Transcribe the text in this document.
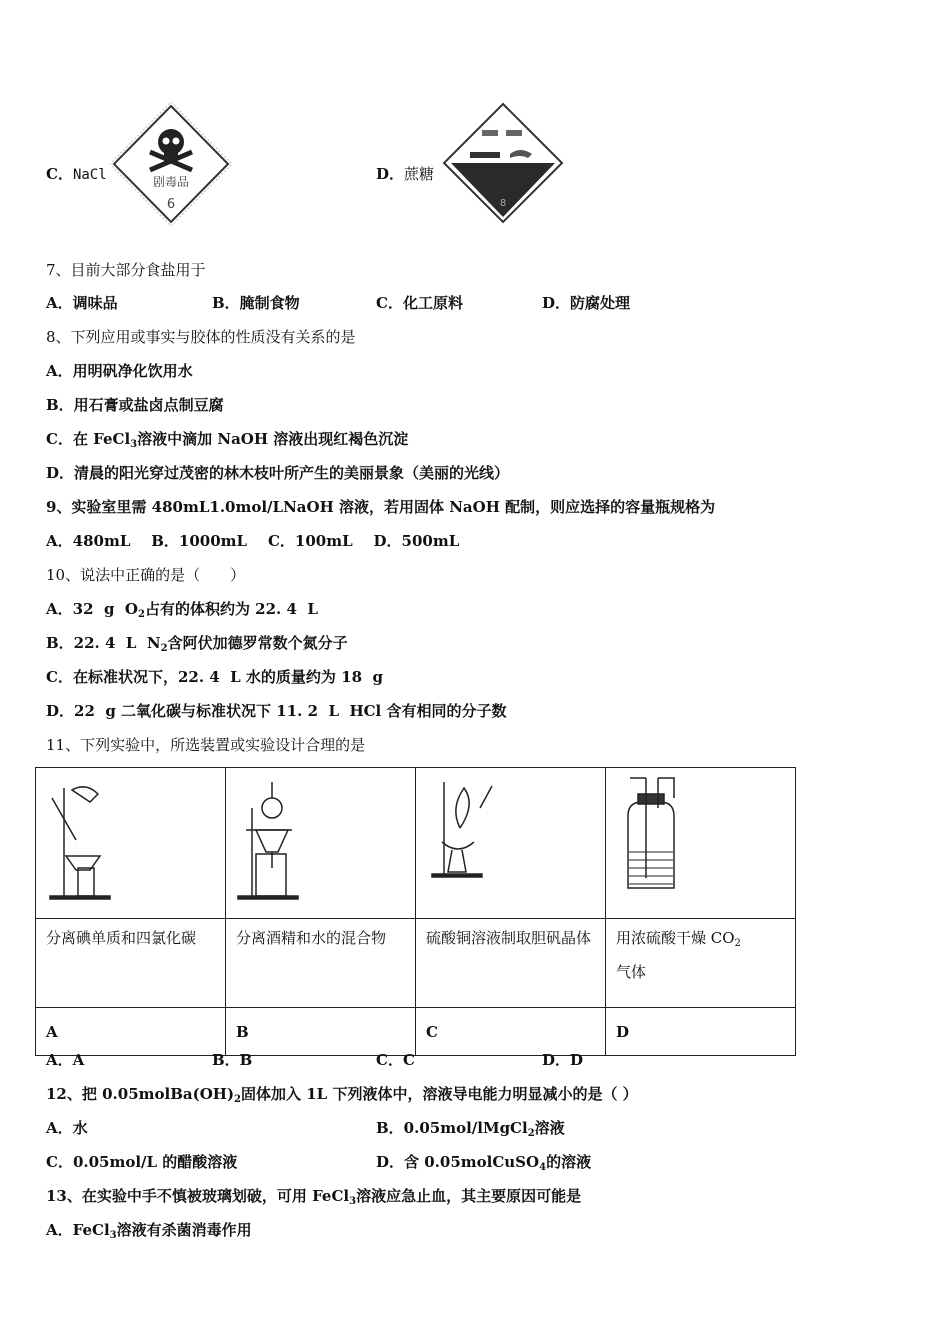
C．NaCl	剧毒品
6
D．蔗糖
8
7、目前大部分食盐用于
A．调味品	B．腌制食物	C．化工原料	D．防腐处理
8、下列应用或事实与胶体的性质没有关系的是
A．用明矾净化饮用水
B．用石膏或盐卤点制豆腐
C．在 FeCl$_3$溶液中滴加 NaOH 溶液出现红褐色沉淀
D．清晨的阳光穿过茂密的林木枝叶所产生的美丽景象（美丽的光线）
9、实验室里需 480mL1.0mol/LNaOH 溶液，若用固体 NaOH 配制，则应选择的容量瓶规格为
A．480mL    B．1000mL    C．100mL    D．500mL
10、说法中正确的是（　　）
A．32  g  $O_2$占有的体积约为 22. 4  L
B．22. 4  L  $N_2$含阿伏加德罗常数个氮分子
C．在标准状况下，22. 4  L 水的质量约为 18  g
D．22  g 二氧化碳与标准状况下 11. 2  L  HCl 含有相同的分子数
11、下列实验中，所选装置或实验设计合理的是

分离碘单质和四氯化碳	分离酒精和水的混合物	硫酸铜溶液制取胆矾晶体	用浓硫酸干燥 $CO_2$
气体
A	B	C	D
A．A	B．B	C．C	D．D
12、把 $0.05molBa(OH)_2$固体加入 1L 下列液体中，溶液导电能力明显减小的是（ ）
A．水	B．0.05mol/lMgCl$_2$溶液
C．0.05mol/L 的醋酸溶液	D．含 0.05molCuSO$_4$的溶液
13、在实验中手不慎被玻璃划破，可用 FeCl$_3$溶液应急止血，其主要原因可能是
A．FeCl$_3$溶液有杀菌消毒作用
